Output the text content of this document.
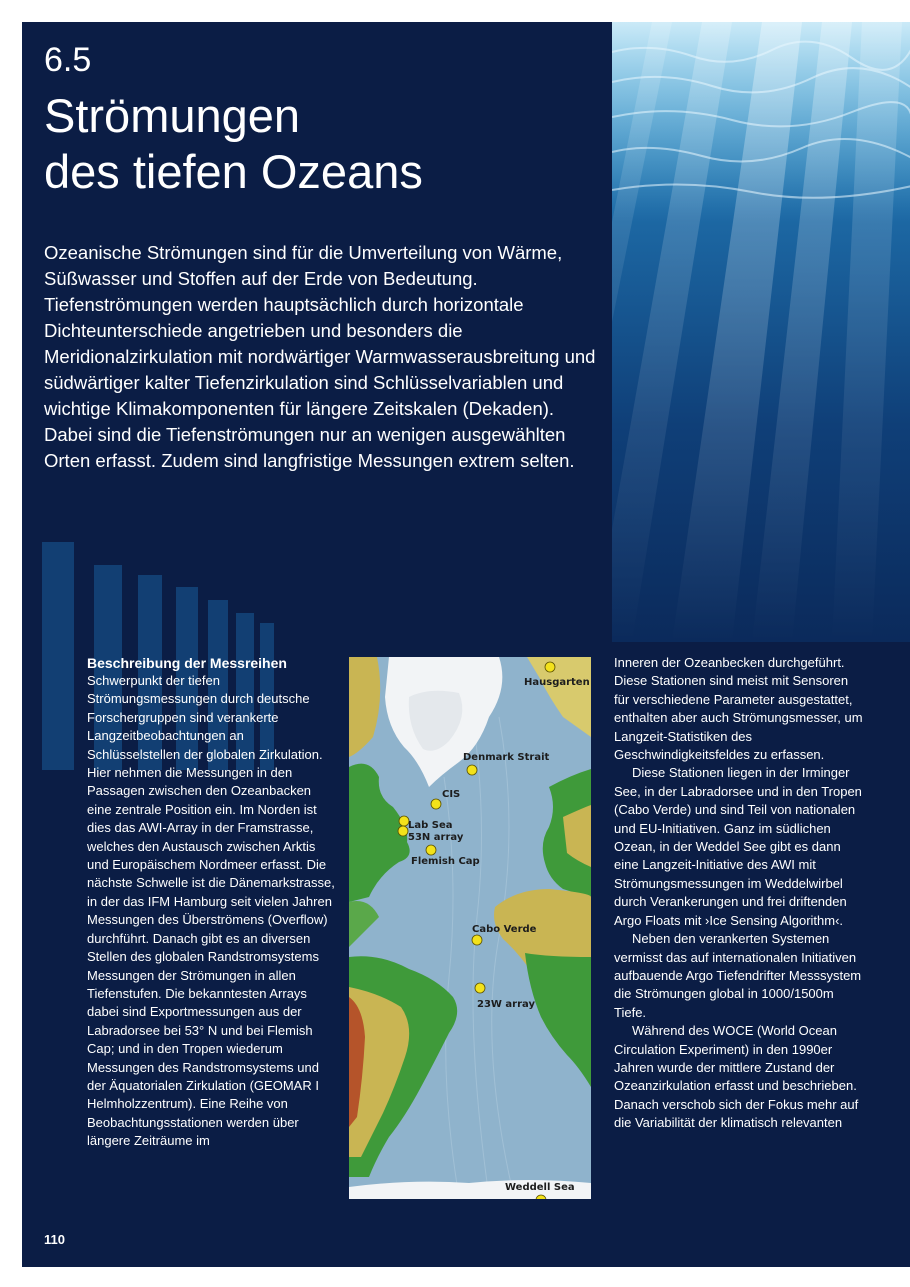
6.5
Strömungen
des tiefen Ozeans

Ozeanische Strömungen sind für die Umverteilung von Wärme, Süßwasser und Stoffen auf der Erde von Bedeutung. Tiefenströmungen werden hauptsächlich durch horizontale Dichteunterschiede angetrieben und besonders die Meridionalzirkulation mit nordwärtiger Warmwasserausbreitung und südwärtiger kalter Tiefenzirkulation sind Schlüsselvariablen und wichtige Klimakomponenten für längere Zeitskalen (Dekaden). Dabei sind die Tiefenströmungen nur an wenigen ausgewählten Orten erfasst. Zudem sind langfristige Messungen extrem selten.

Beschreibung der Messreihen

Schwerpunkt der tiefen Strömungsmessungen durch deutsche Forschergruppen sind verankerte Langzeitbeobachtungen an Schlüsselstellen der globalen Zirkulation. Hier nehmen die Messungen in den Passagen zwischen den Ozeanbacken eine zentrale Position ein. Im Norden ist dies das AWI-Array in der Framstrasse, welches den Austausch zwischen Arktis und Europäischem Nordmeer erfasst. Die nächste Schwelle ist die Dänemarkstrasse, in der das IFM Hamburg seit vielen Jahren Messungen des Überströmens (Overflow) durchführt. Danach gibt es an diversen Stellen des globalen Randstromsystems Messungen der Strömungen in allen Tiefenstufen. Die bekanntesten Arrays dabei sind Exportmessungen aus der Labradorsee bei 53° N und bei Flemish Cap; und in den Tropen wiederum Messungen des Randstromsystems und der Äquatorialen Zirkulation (GEOMAR I Helmholzzentrum). Eine Reihe von Beobachtungsstationen werden über längere Zeiträume im

Hausgarten
Denmark Strait
CIS
Lab Sea
53N array
Flemish Cap
Cabo Verde
23W array
Weddell Sea

Inneren der Ozeanbecken durchgeführt. Diese Stationen sind meist mit Sensoren für verschiedene Parameter ausgestattet, enthalten aber auch Strömungsmesser, um Langzeit-Statistiken des Geschwindigkeitsfeldes zu erfassen.

Diese Stationen liegen in der Irminger See, in der Labradorsee und in den Tropen (Cabo Verde) und sind Teil von nationalen und EU-Initiativen. Ganz im südlichen Ozean, in der Weddel See gibt es dann eine Langzeit-Initiative des AWI mit Strömungsmessungen im Weddelwirbel durch Verankerungen und frei driftenden Argo Floats mit ›Ice Sensing Algorithm‹.

Neben den verankerten Systemen vermisst das auf internationalen Initiativen aufbauende Argo Tiefendrifter Messsystem die Strömungen global in 1000/1500m Tiefe.

Während des WOCE (World Ocean Circulation Experiment) in den 1990er Jahren wurde der mittlere Zustand der Ozeanzirkulation erfasst und beschrieben. Danach verschob sich der Fokus mehr auf die Variabilität der klimatisch relevanten

110
